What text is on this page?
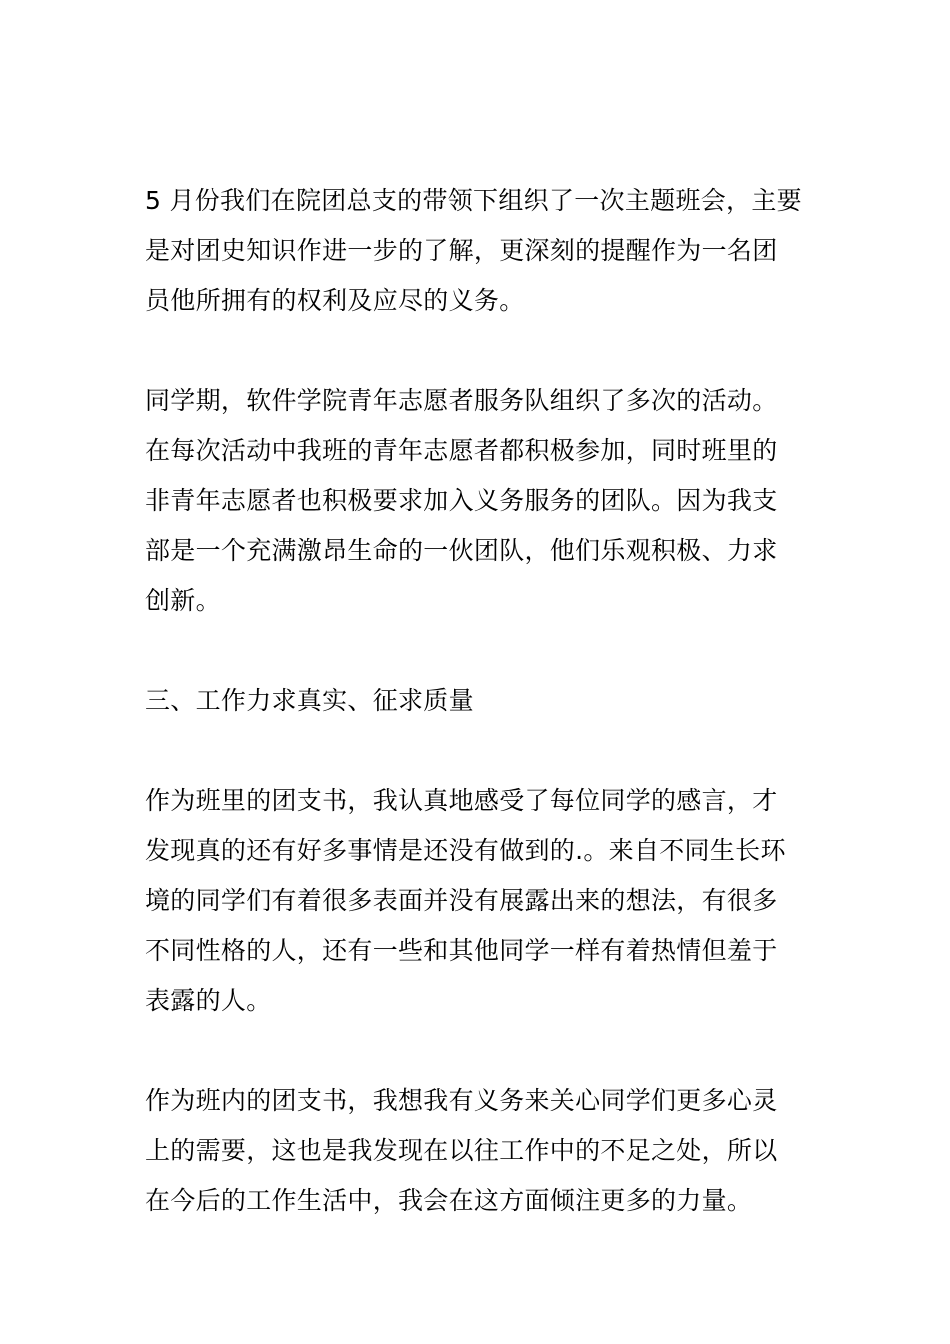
5 月份我们在院团总支的带领下组织了一次主题班会，主要
是对团史知识作进一步的了解，更深刻的提醒作为一名团
员他所拥有的权利及应尽的义务。
同学期，软件学院青年志愿者服务队组织了多次的活动。
在每次活动中我班的青年志愿者都积极参加，同时班里的
非青年志愿者也积极要求加入义务服务的团队。因为我支
部是一个充满激昂生命的一伙团队，他们乐观积极、力求
创新。
三、工作力求真实、征求质量
作为班里的团支书，我认真地感受了每位同学的感言，才
发现真的还有好多事情是还没有做到的.。来自不同生长环
境的同学们有着很多表面并没有展露出来的想法，有很多
不同性格的人，还有一些和其他同学一样有着热情但羞于
表露的人。
作为班内的团支书，我想我有义务来关心同学们更多心灵
上的需要，这也是我发现在以往工作中的不足之处，所以
在今后的工作生活中，我会在这方面倾注更多的力量。
